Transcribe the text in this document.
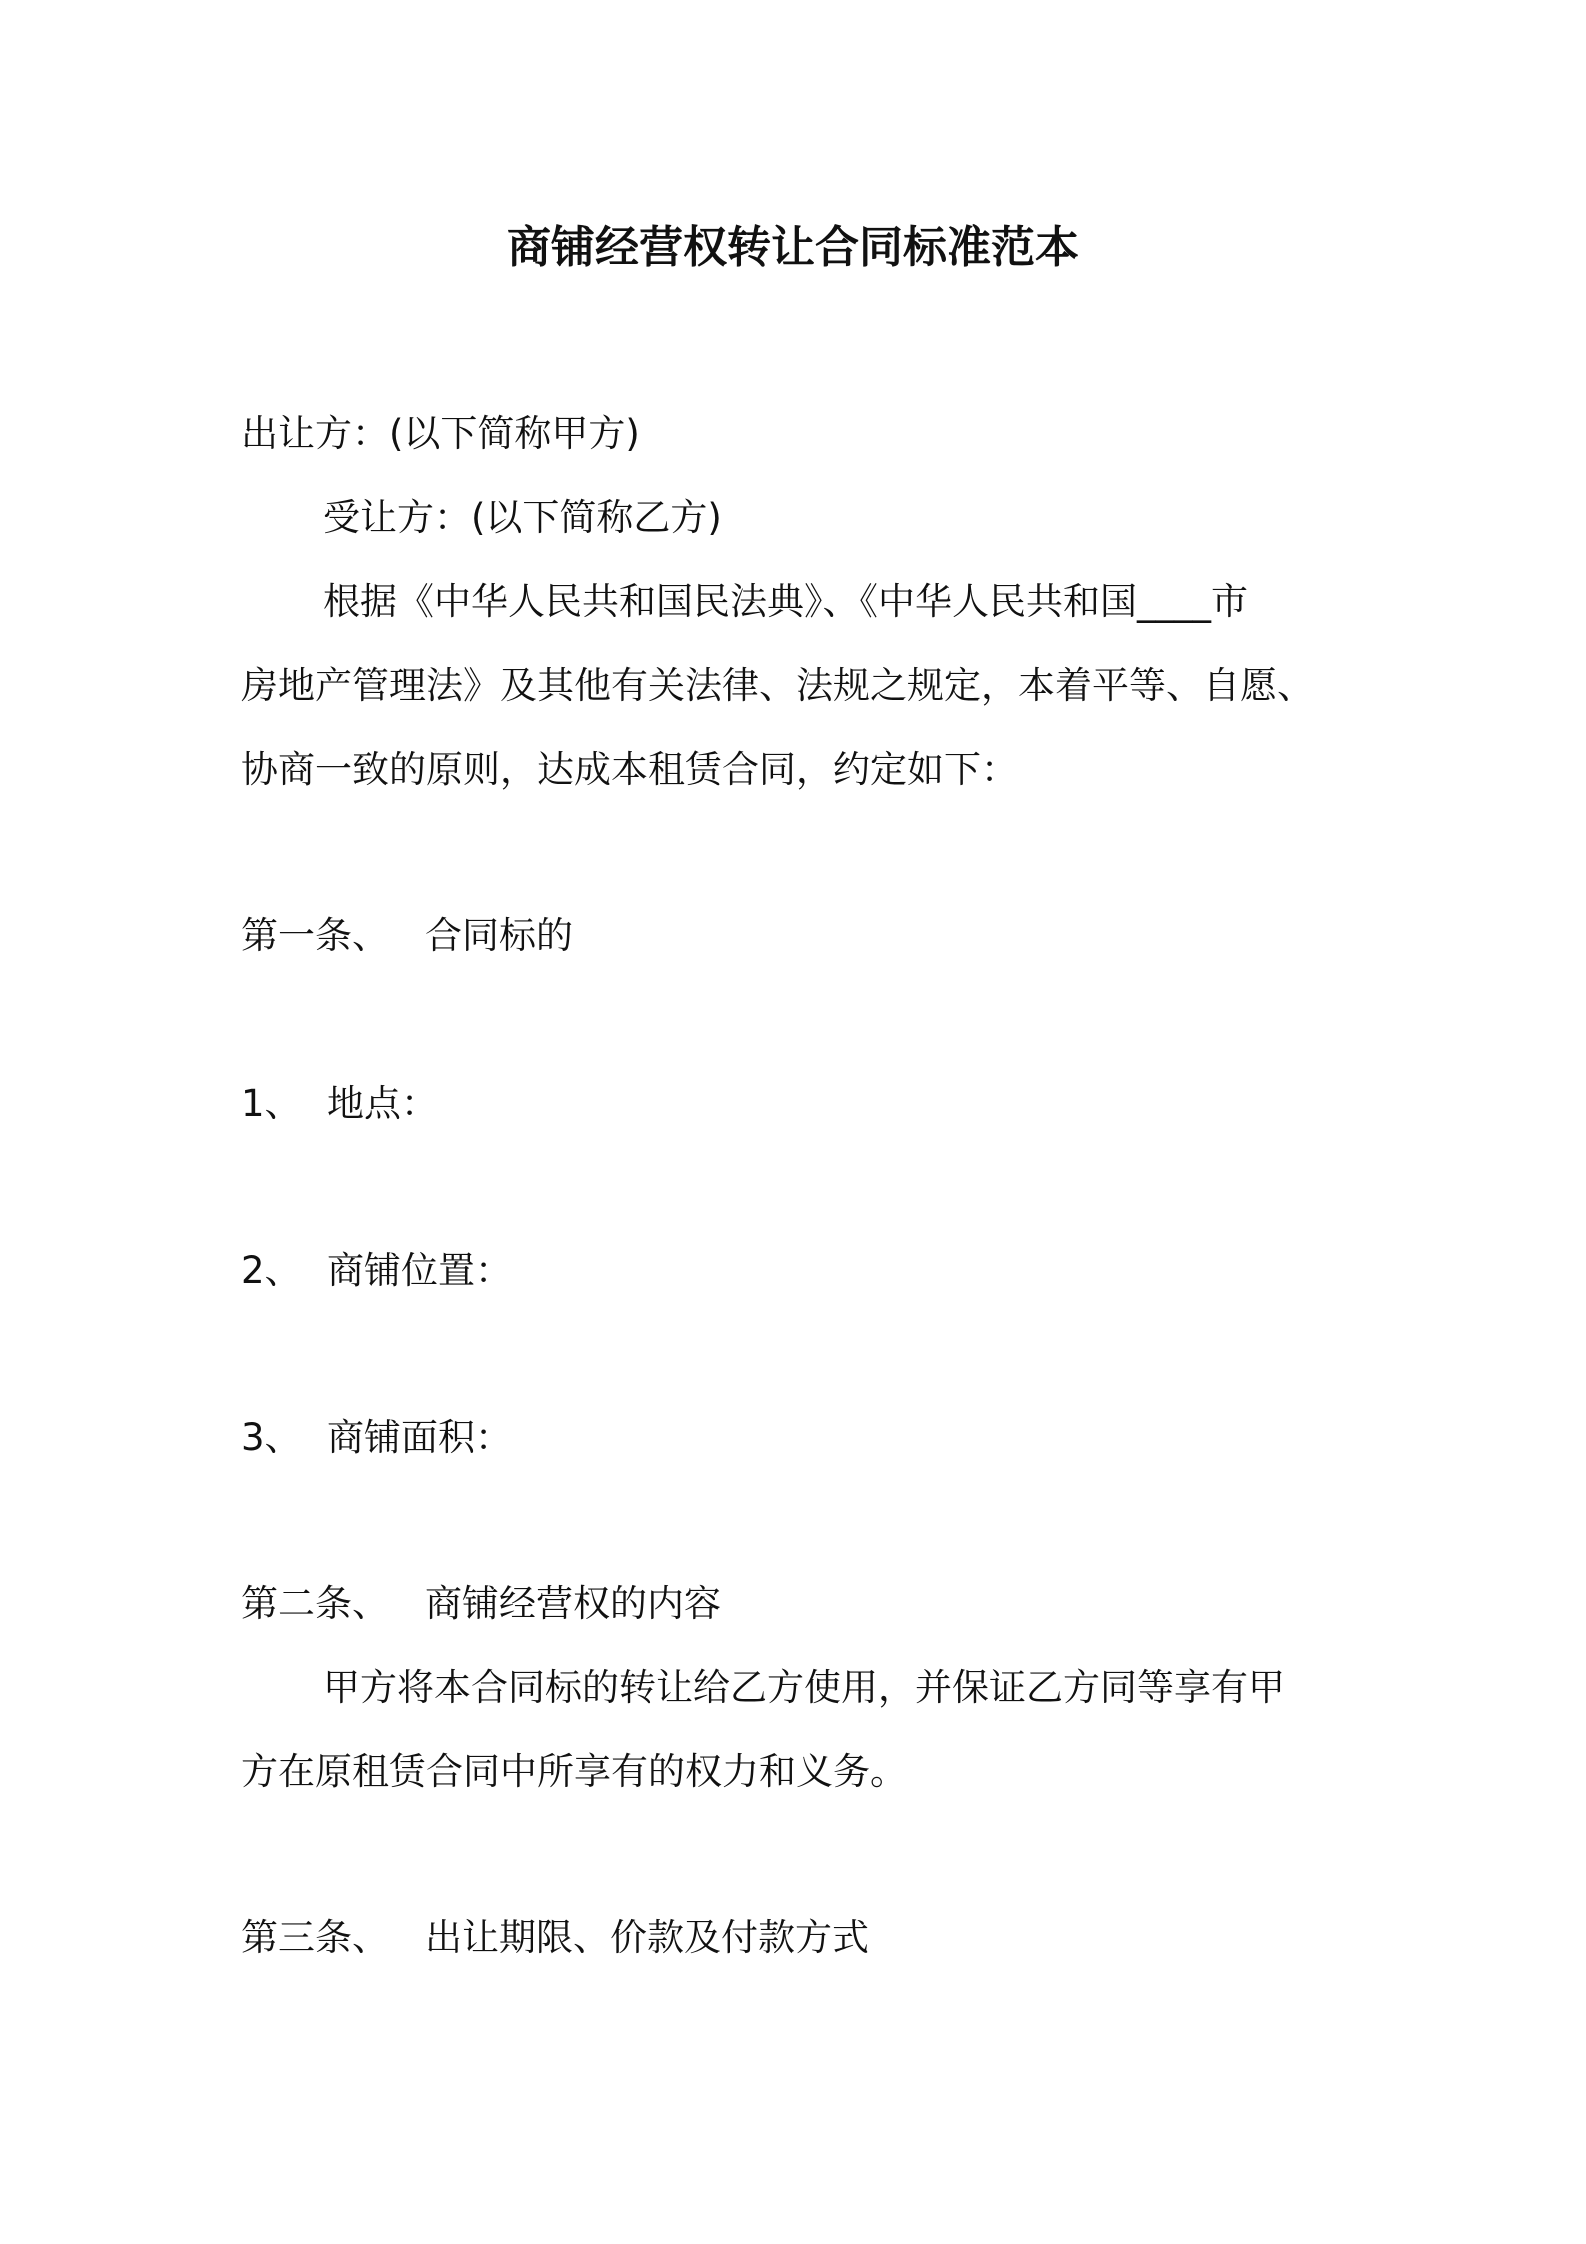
商铺经营权转让合同标准范本
出让方：(以下简称甲方)
受让方：(以下简称乙方)
根据《中华人民共和国民法典》、《中华人民共和国____市
房地产管理法》及其他有关法律、法规之规定，本着平等、自愿、
协商一致的原则，达成本租赁合同，约定如下：
第一条、 合同标的
1、 地点：
2、 商铺位置：
3、 商铺面积：
第二条、 商铺经营权的内容
甲方将本合同标的转让给乙方使用，并保证乙方同等享有甲
方在原租赁合同中所享有的权力和义务。
第三条、 出让期限、价款及付款方式
